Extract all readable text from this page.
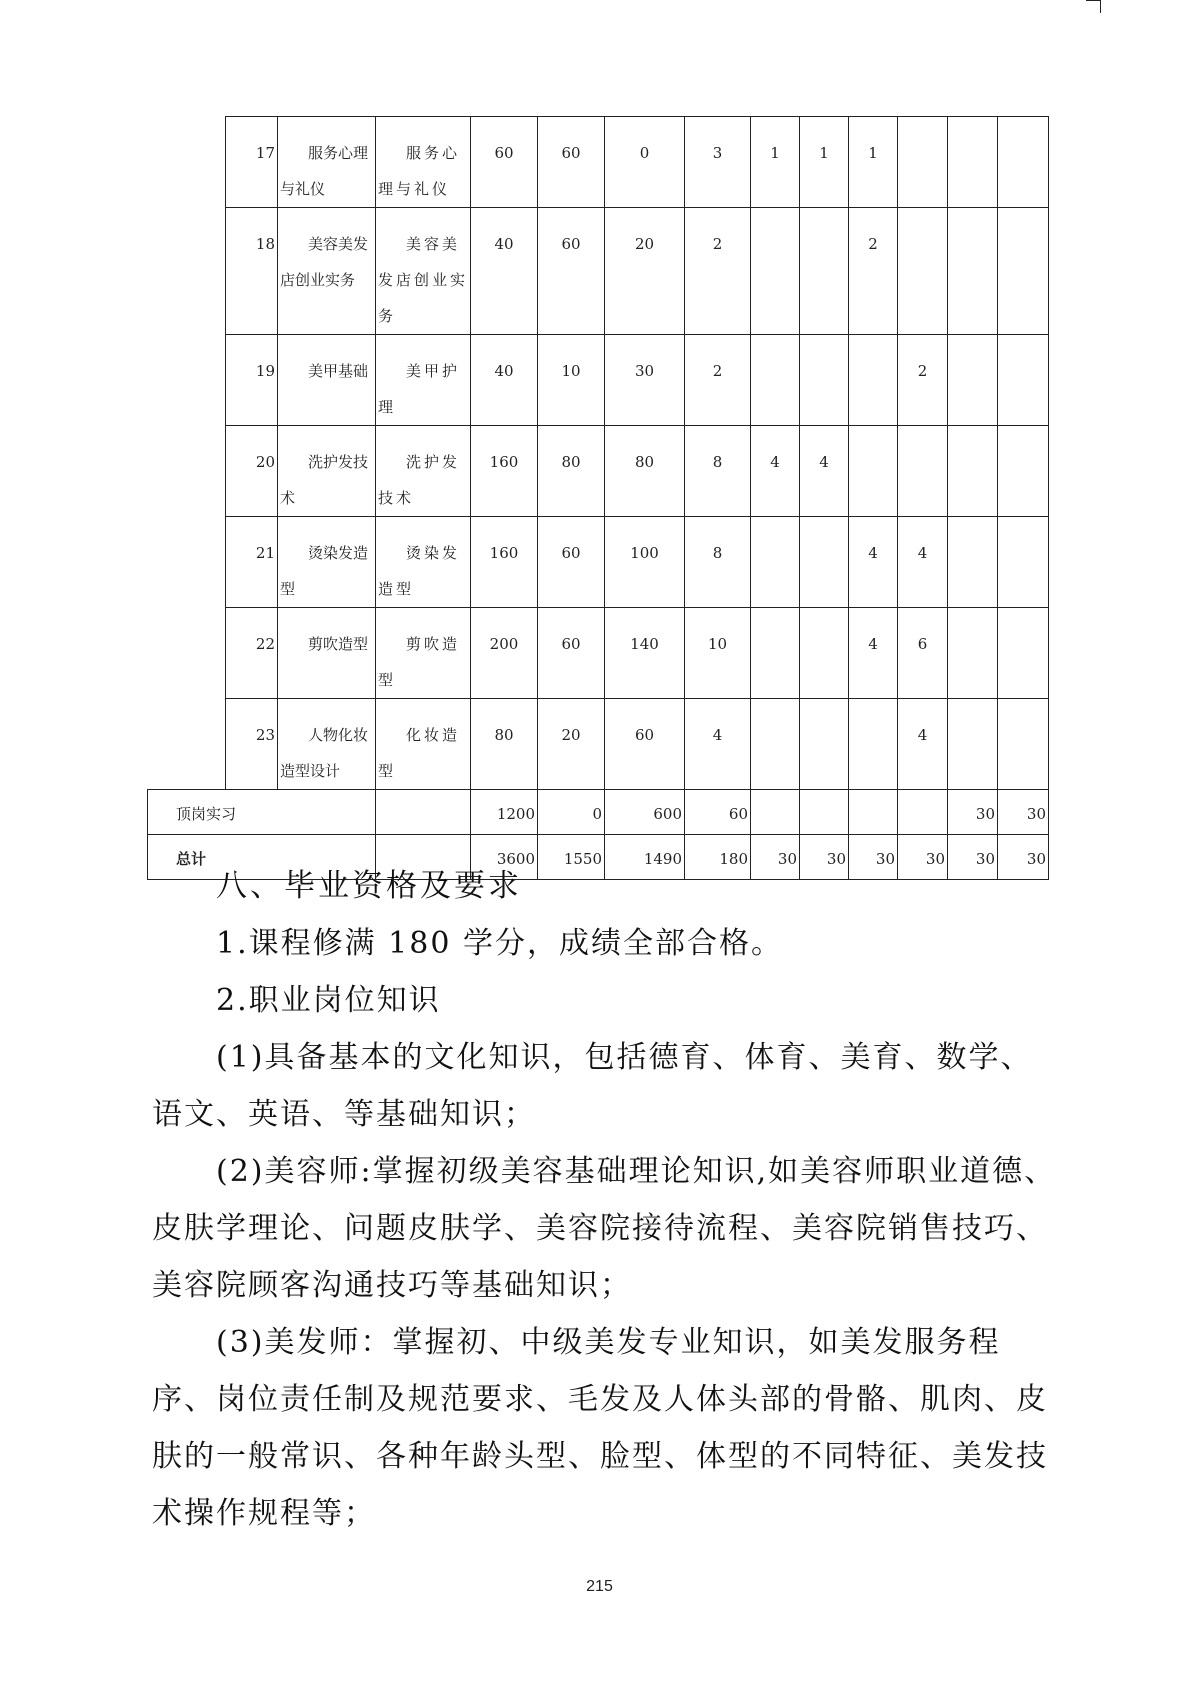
	17	服务心理与礼仪	服务心理与礼仪	60	60	0	3	1	1	1			
	18	美容美发店创业实务	美容美发店创业实务	40	60	20	2			2			
	19	美甲基础	美甲护理	40	10	30	2				2		
	20	洗护发技术	洗护发技术	160	80	80	8	4	4				
	21	烫染发造型	烫染发造型	160	60	100	8			4	4		
	22	剪吹造型	剪吹造型	200	60	140	10			4	6		
	23	人物化妆造型设计	化妆造型	80	20	60	4				4		
顶岗实习				1200	0	600	60					30	30
总计				3600	1550	1490	180	30	30	30	30	30	30
八、毕业资格及要求

1.课程修满 180 学分，成绩全部合格。

2.职业岗位知识

(1)具备基本的文化知识，包括德育、体育、美育、数学、语文、英语、等基础知识；

(2)美容师:掌握初级美容基础理论知识,如美容师职业道德、皮肤学理论、问题皮肤学、美容院接待流程、美容院销售技巧、美容院顾客沟通技巧等基础知识；

(3)美发师：掌握初、中级美发专业知识，如美发服务程序、岗位责任制及规范要求、毛发及人体头部的骨骼、肌肉、皮肤的一般常识、各种年龄头型、脸型、体型的不同特征、美发技术操作规程等；

215
